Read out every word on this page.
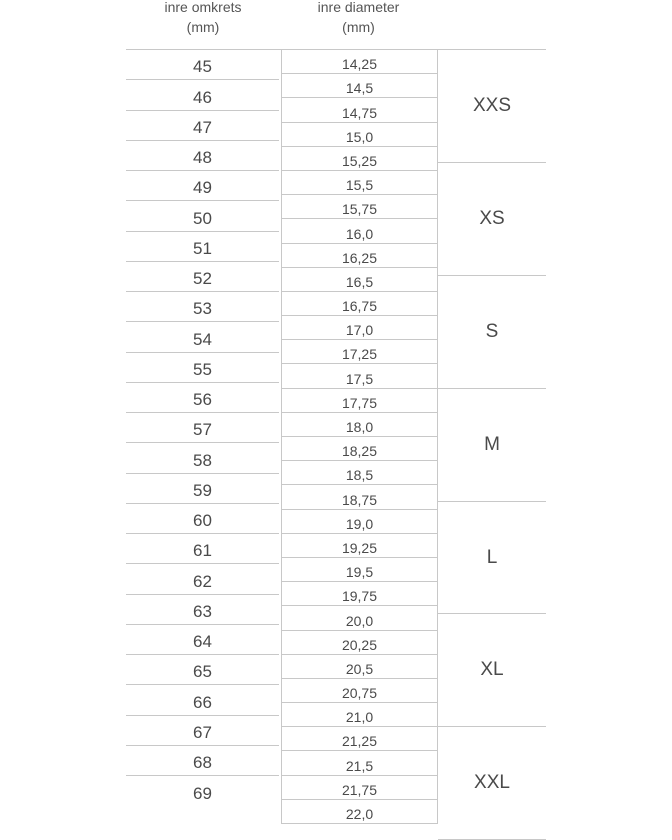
inre omkrets
(mm)
inre diameter
(mm)
45
46
47
48
49
50
51
52
53
54
55
56
57
58
59
60
61
62
63
64
65
66
67
68
69
14,25
14,5
14,75
15,0
15,25
15,5
15,75
16,0
16,25
16,5
16,75
17,0
17,25
17,5
17,75
18,0
18,25
18,5
18,75
19,0
19,25
19,5
19,75
20,0
20,25
20,5
20,75
21,0
21,25
21,5
21,75
22,0
XXS
XS
S
M
L
XL
XXL
